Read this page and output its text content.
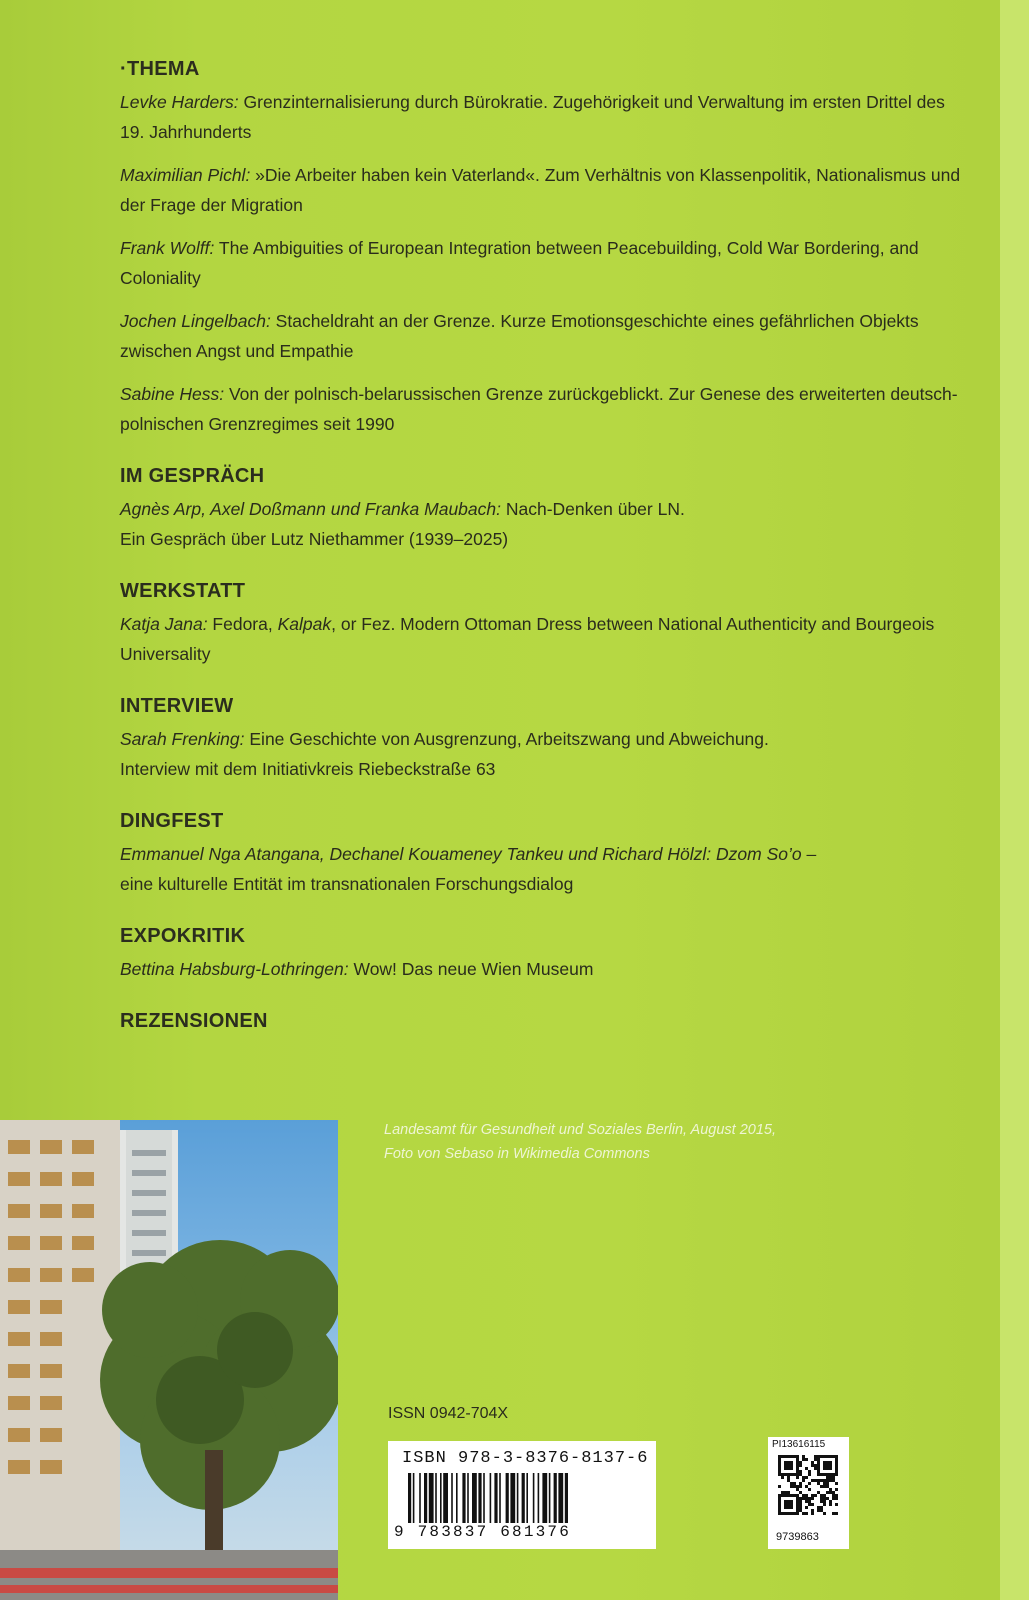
·THEMA

Levke Harders: Grenzinternalisierung durch Bürokratie. Zugehörigkeit und Verwaltung im ersten Drittel des 19. Jahrhunderts

Maximilian Pichl: »Die Arbeiter haben kein Vaterland«. Zum Verhältnis von Klassenpolitik, Nationalismus und der Frage der Migration

Frank Wolff: The Ambiguities of European Integration between Peacebuilding, Cold War Bordering, and Coloniality

Jochen Lingelbach: Stacheldraht an der Grenze. Kurze Emotionsgeschichte eines gefährlichen Objekts zwischen Angst und Empathie

Sabine Hess: Von der polnisch-belarussischen Grenze zurückgeblickt. Zur Genese des erweiterten deutsch-polnischen Grenzregimes seit 1990

IM GESPRÄCH

Agnès Arp, Axel Doßmann und Franka Maubach: Nach-Denken über LN.
Ein Gespräch über Lutz Niethammer (1939–2025)

WERKSTATT

Katja Jana: Fedora, Kalpak, or Fez. Modern Ottoman Dress between National Authenticity and Bourgeois Universality

INTERVIEW

Sarah Frenking: Eine Geschichte von Ausgrenzung, Arbeitszwang und Abweichung.
Interview mit dem Initiativkreis Riebeckstraße 63

DINGFEST

Emmanuel Nga Atangana, Dechanel Kouameney Tankeu und Richard Hölzl: Dzom So’o –
eine kulturelle Entität im transnationalen Forschungsdialog

EXPOKRITIK

Bettina Habsburg-Lothringen: Wow! Das neue Wien Museum

REZENSIONEN
Landesamt für Gesundheit und Soziales Berlin, August 2015,
Foto von Sebaso in Wikimedia Commons
ISSN 0942-704X
ISBN 978-3-8376-8137-6
9 783837 681376
PI13616115
9739863
